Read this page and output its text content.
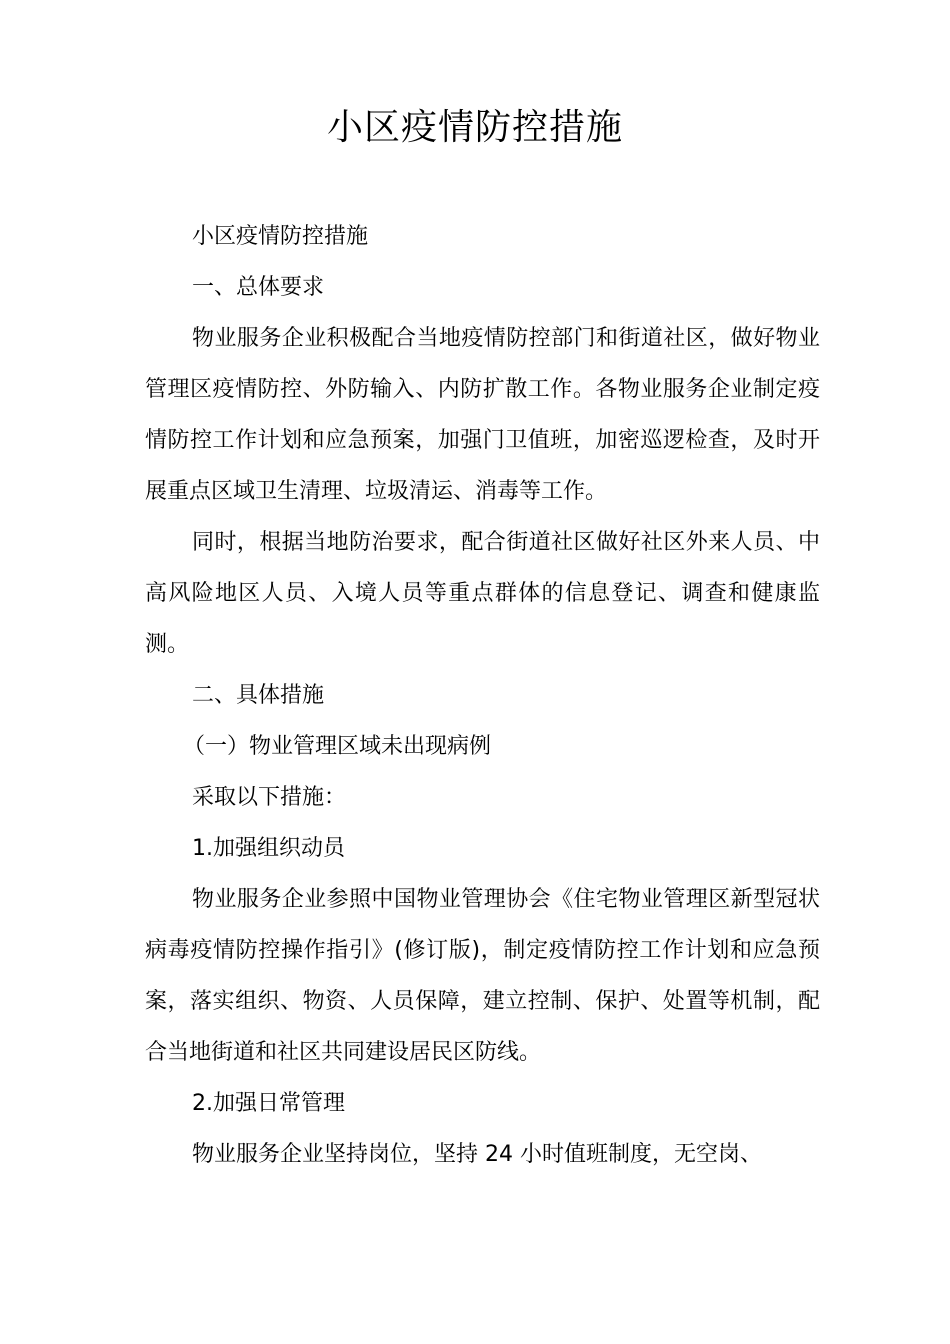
小区疫情防控措施

小区疫情防控措施

一、总体要求

物业服务企业积极配合当地疫情防控部门和街道社区，做好物业管理区疫情防控、外防输入、内防扩散工作。各物业服务企业制定疫情防控工作计划和应急预案，加强门卫值班，加密巡逻检查，及时开展重点区域卫生清理、垃圾清运、消毒等工作。

同时，根据当地防治要求，配合街道社区做好社区外来人员、中高风险地区人员、入境人员等重点群体的信息登记、调查和健康监测。

二、具体措施

（一）物业管理区域未出现病例

采取以下措施：

1.加强组织动员

物业服务企业参照中国物业管理协会《住宅物业管理区新型冠状病毒疫情防控操作指引》(修订版)，制定疫情防控工作计划和应急预案，落实组织、物资、人员保障，建立控制、保护、处置等机制，配合当地街道和社区共同建设居民区防线。

2.加强日常管理

物业服务企业坚持岗位，坚持 24 小时值班制度，无空岗、
